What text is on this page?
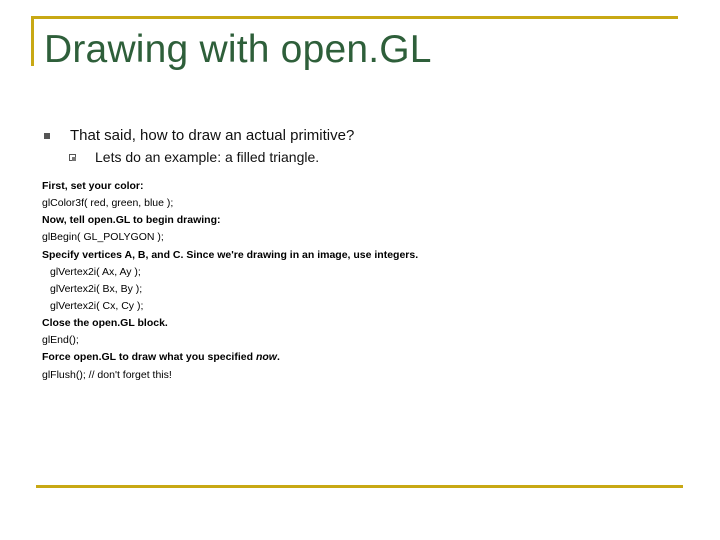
Drawing with open.GL
That said, how to draw an actual primitive?
Lets do an example: a filled triangle.
First, set your color:
glColor3f( red, green, blue );
Now, tell open.GL to begin drawing:
glBegin( GL_POLYGON );
Specify vertices A, B, and C. Since we're drawing in an image, use integers.
glVertex2i( Ax, Ay );
glVertex2i( Bx, By );
glVertex2i( Cx, Cy );
Close the open.GL block.
glEnd();
Force open.GL to draw what you specified now.
glFlush(); // don't forget this!
